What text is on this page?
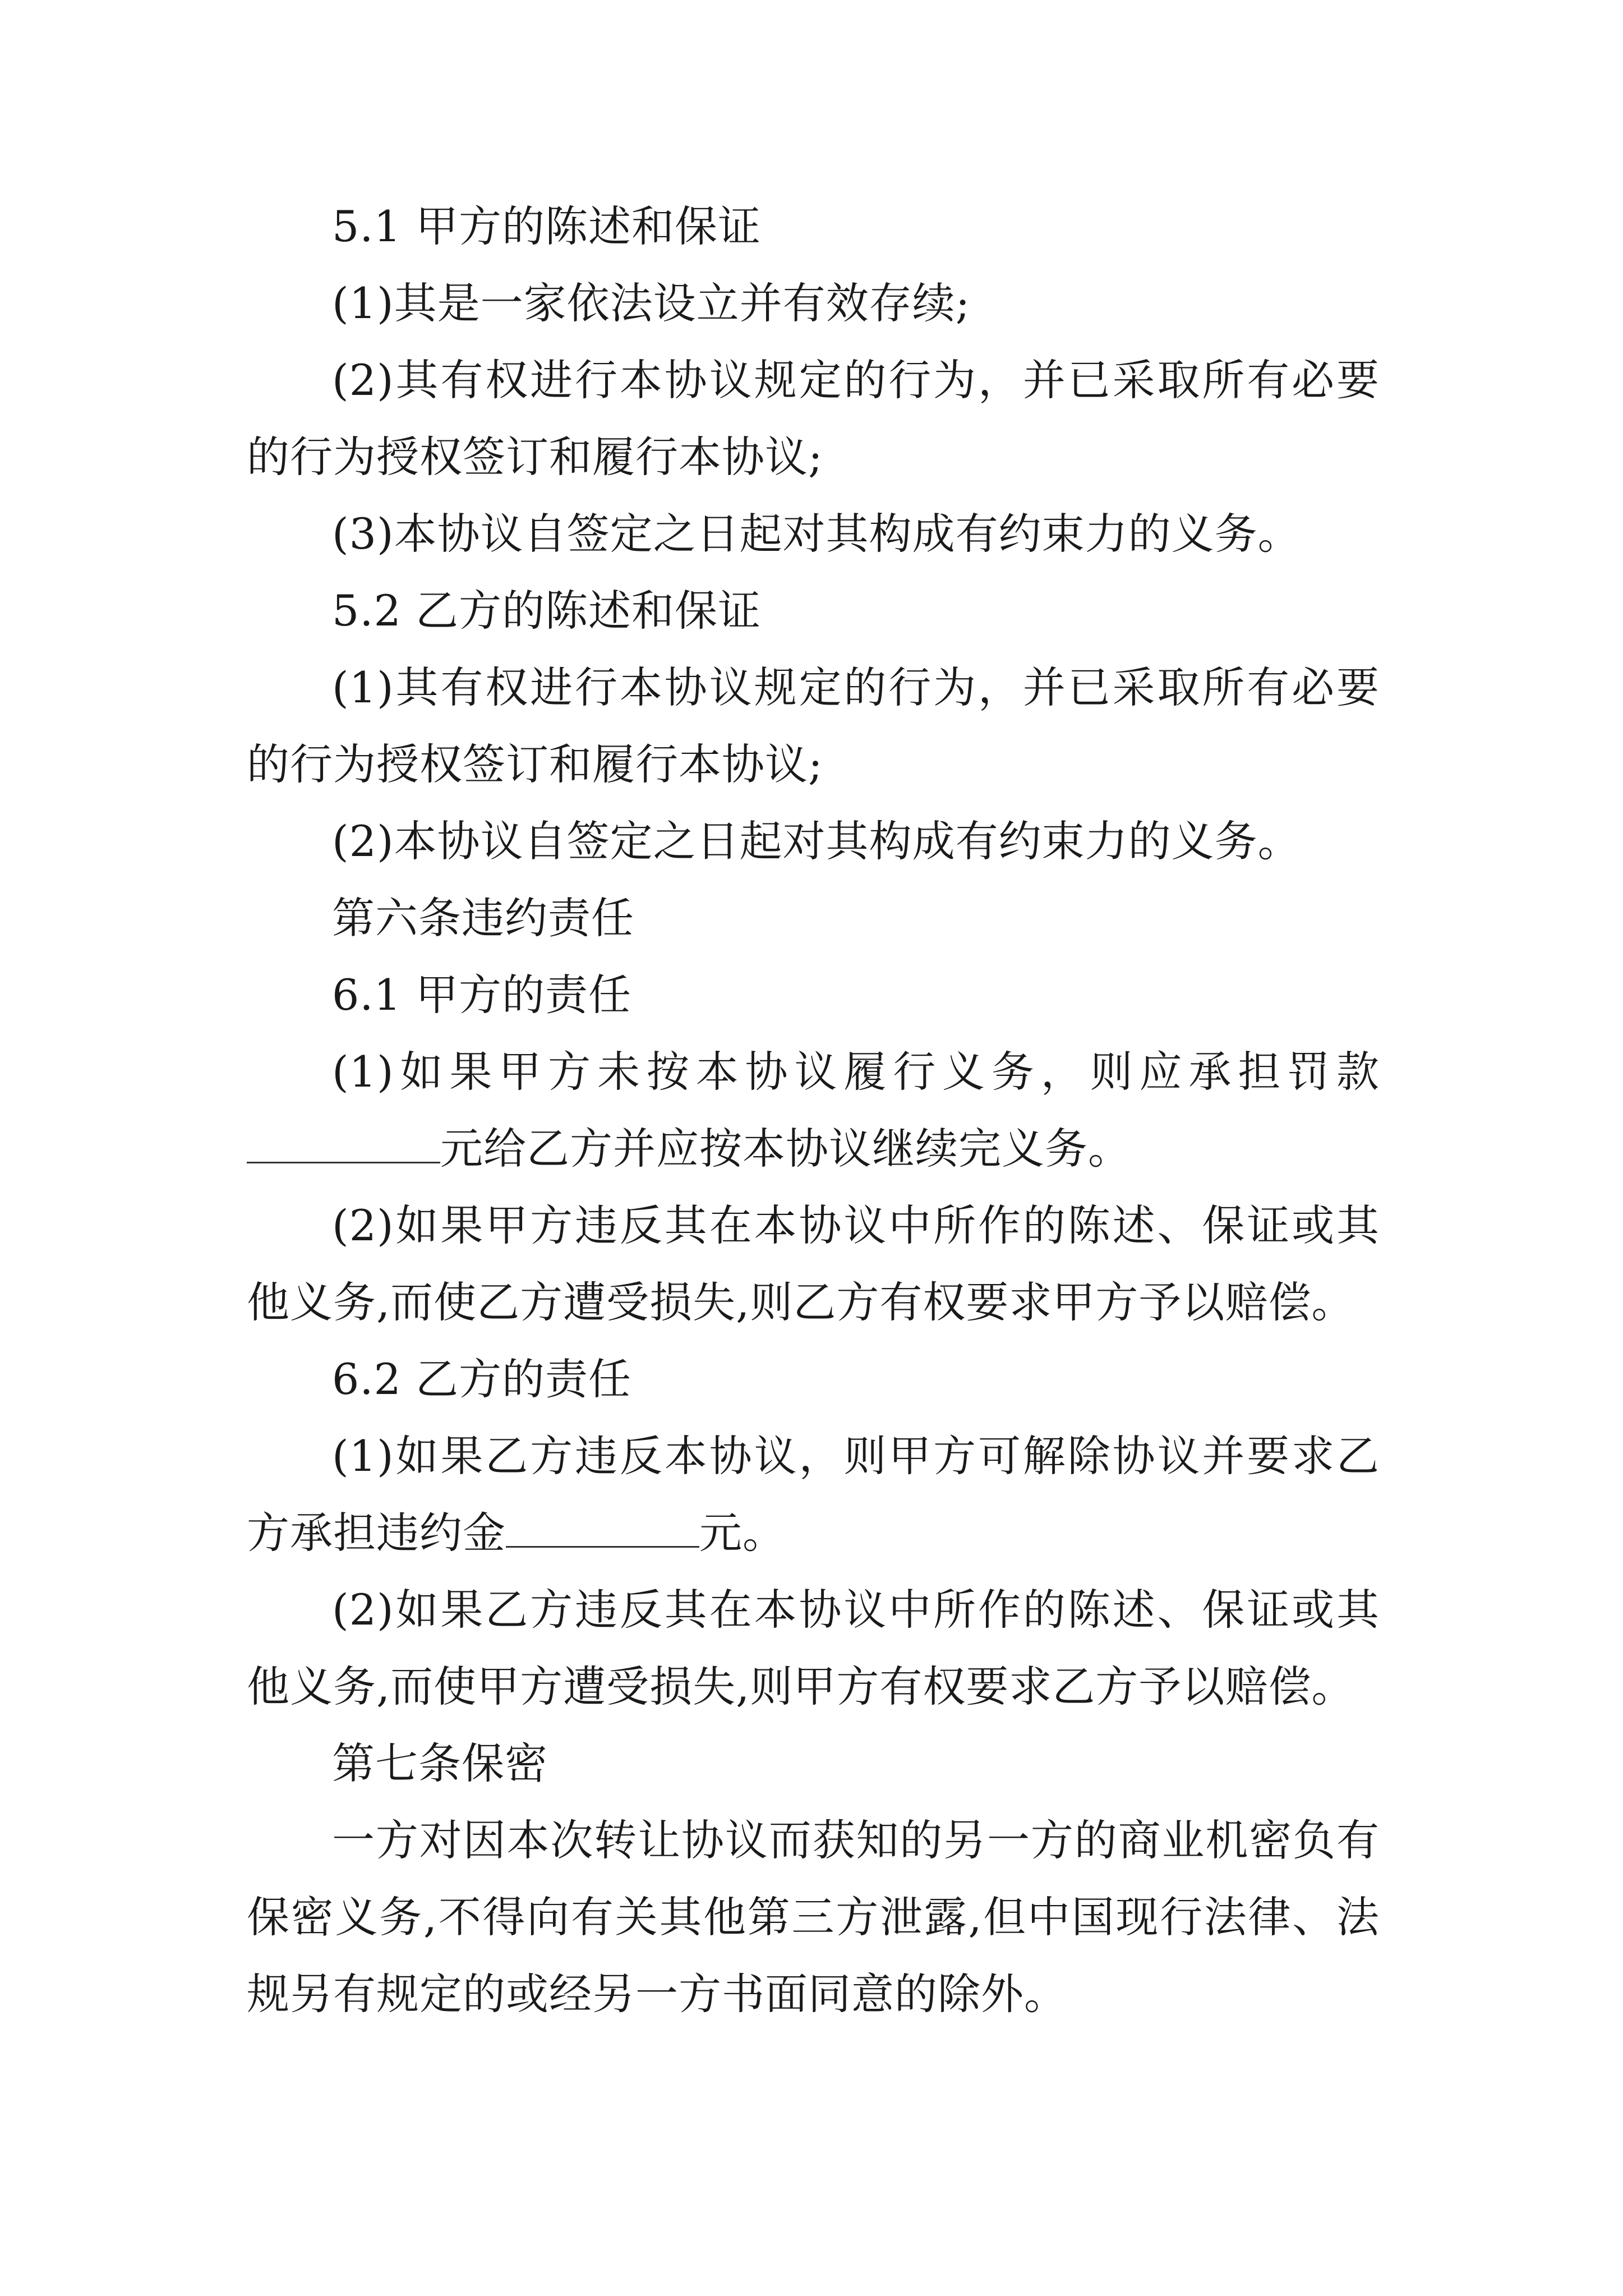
5.1 甲方的陈述和保证

(1)其是一家依法设立并有效存续;

(2)其有权进行本协议规定的行为，并已采取所有必要的行为授权签订和履行本协议;

(3)本协议自签定之日起对其构成有约束力的义务。

5.2 乙方的陈述和保证

(1)其有权进行本协议规定的行为，并已采取所有必要的行为授权签订和履行本协议;

(2)本协议自签定之日起对其构成有约束力的义务。

第六条违约责任

6.1 甲方的责任

(1)如果甲方未按本协议履行义务，则应承担罚款元给乙方并应按本协议继续完义务。

(2)如果甲方违反其在本协议中所作的陈述、保证或其他义务,而使乙方遭受损失,则乙方有权要求甲方予以赔偿。

6.2 乙方的责任

(1)如果乙方违反本协议，则甲方可解除协议并要求乙方承担违约金	元。

(2)如果乙方违反其在本协议中所作的陈述、保证或其他义务,而使甲方遭受损失,则甲方有权要求乙方予以赔偿。

第七条保密

一方对因本次转让协议而获知的另一方的商业机密负有保密义务,不得向有关其他第三方泄露,但中国现行法律、法规另有规定的或经另一方书面同意的除外。
